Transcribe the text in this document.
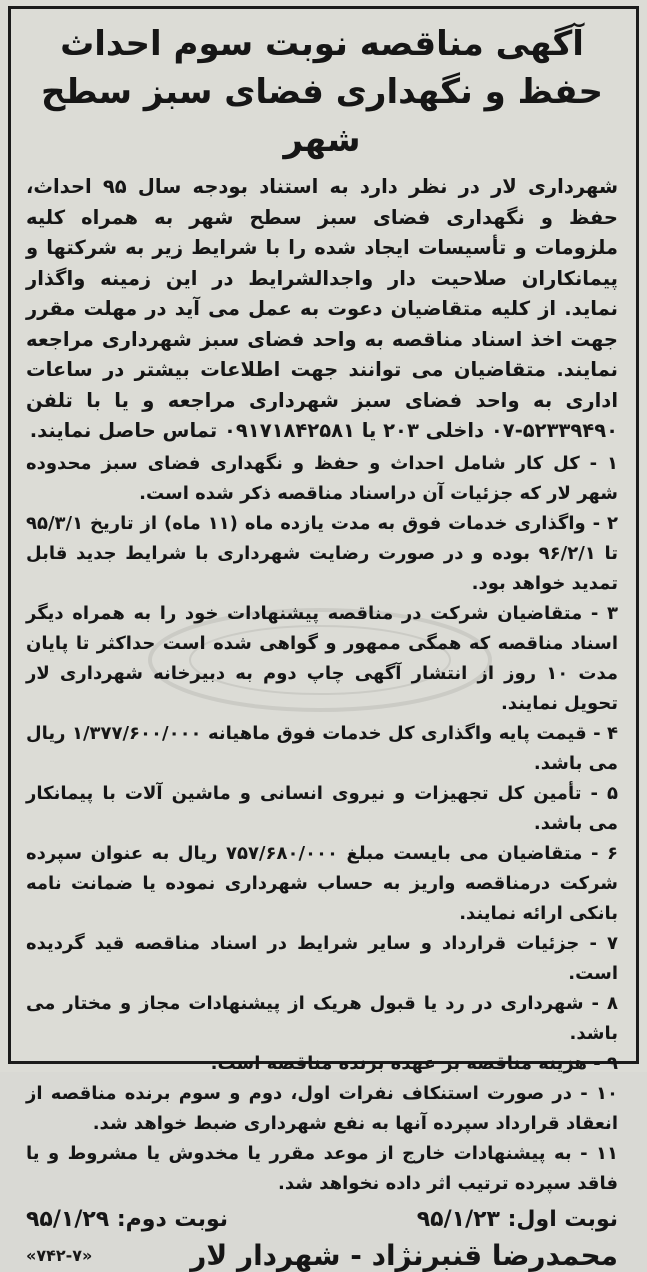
آگهی مناقصه نوبت سوم احداث
حفظ و نگهداری فضای سبز سطح شهر

شهرداری لار در نظر دارد به استناد بودجه سال ۹۵ احداث، حفظ و نگهداری فضای سبز سطح شهر به همراه کلیه ملزومات و تأسیسات ایجاد شده را با شرایط زیر به شرکتها و پیمانکاران صلاحیت دار واجدالشرایط در این زمینه واگذار نماید. از کلیه متقاضیان دعوت به عمل می آید در مهلت مقرر جهت اخذ اسناد مناقصه به واحد فضای سبز شهرداری مراجعه نمایند. متقاضیان می توانند جهت اطلاعات بیشتر در ساعات اداری به واحد فضای سبز شهرداری مراجعه و یا با تلفن ۵۲۳۳۹۴۹۰-۰۷ داخلی ۲۰۳ یا ۰۹۱۷۱۸۴۲۵۸۱ تماس حاصل نمایند.

۱ - کل کار شامل احداث و حفظ و نگهداری فضای سبز محدوده شهر لار که جزئیات آن دراسناد مناقصه ذکر شده است.
۲ - واگذاری خدمات فوق به مدت یازده ماه (۱۱ ماه) از تاریخ ۹۵/۳/۱ تا ۹۶/۲/۱ بوده و در صورت رضایت شهرداری با شرایط جدید قابل تمدید خواهد بود.
۳ - متقاضیان شرکت در مناقصه پیشنهادات خود را به همراه دیگر اسناد مناقصه که همگی ممهور و گواهی شده است حداکثر تا پایان مدت ۱۰ روز از انتشار آگهی چاپ دوم به دبیرخانه شهرداری لار تحویل نمایند.
۴ - قیمت پایه واگذاری کل خدمات فوق ماهیانه ۱/۳۷۷/۶۰۰/۰۰۰ ریال می باشد.
۵ - تأمین کل تجهیزات و نیروی انسانی و ماشین آلات با پیمانکار می باشد.
۶ - متقاضیان می بایست مبلغ ۷۵۷/۶۸۰/۰۰۰ ریال به عنوان سپرده شرکت درمناقصه واریز به حساب شهرداری نموده یا ضمانت نامه بانکی ارائه نمایند.
۷ - جزئیات قرارداد و سایر شرایط در اسناد مناقصه قید گردیده است.
۸ - شهرداری در رد یا قبول هریک از پیشنهادات مجاز و مختار می باشد.
۹ - هزینه مناقصه بر عهده برنده مناقصه است.
۱۰ - در صورت استنکاف نفرات اول، دوم و سوم برنده مناقصه از انعقاد قرارداد سپرده آنها به نفع شهرداری ضبط خواهد شد.
۱۱ - به پیشنهادات خارج از موعد مقرر یا مخدوش یا مشروط و یا فاقد سپرده ترتیب اثر داده نخواهد شد.
نوبت اول: ۹۵/۱/۲۳
نوبت دوم: ۹۵/۱/۲۹
محمدرضا قنبرنژاد - شهردار لار
«۷۴۲-۷»
